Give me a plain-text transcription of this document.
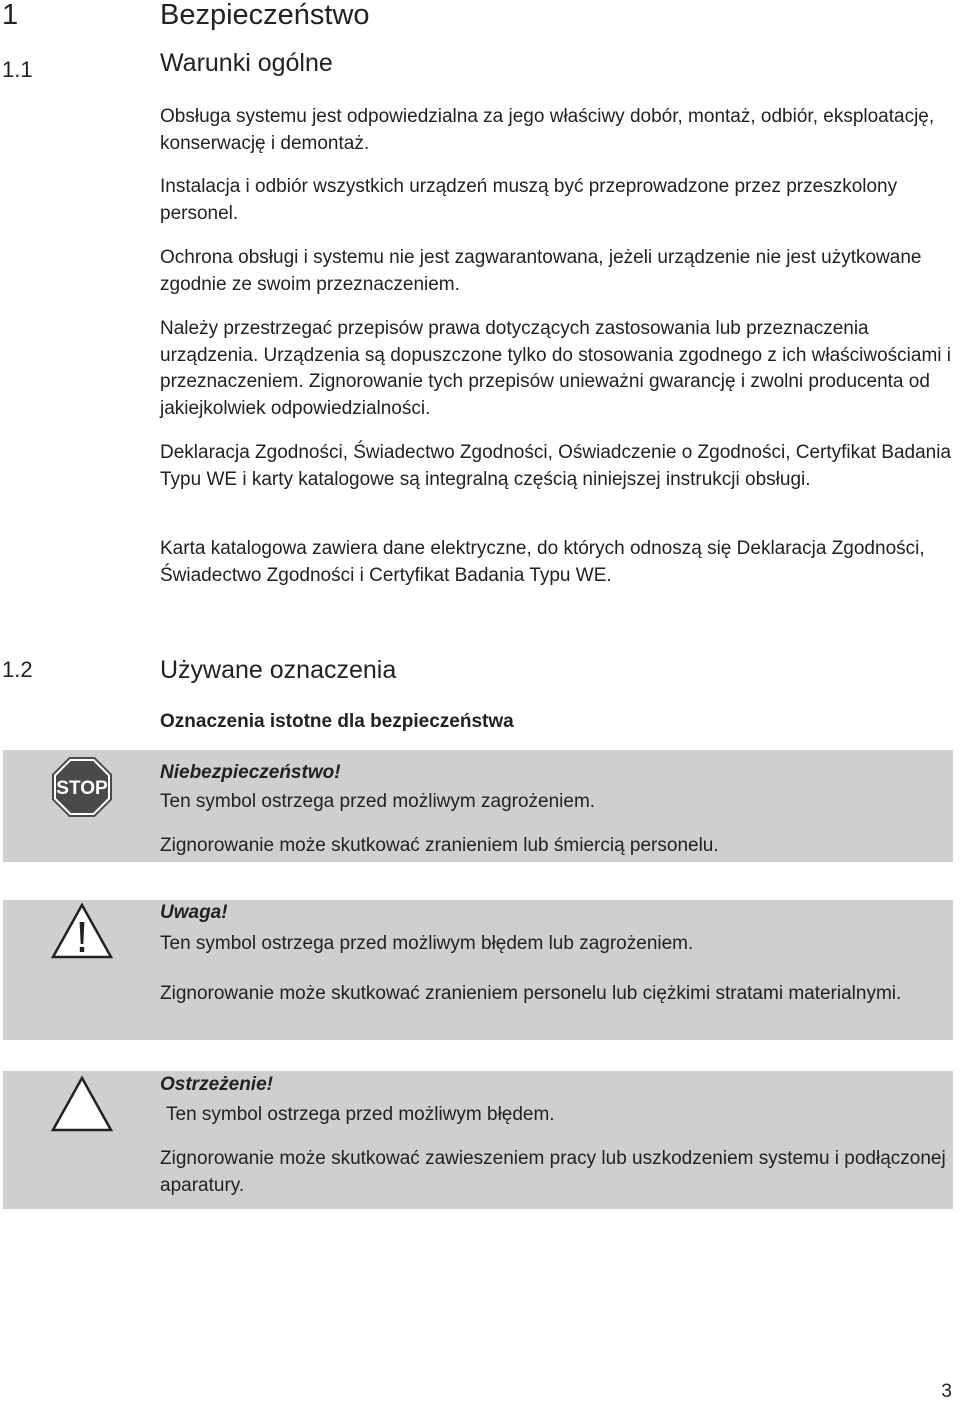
1	Bezpieczeństwo
1.1	Warunki ogólne
Obsługa systemu jest odpowiedzialna za jego właściwy dobór, montaż, odbiór, eksploatację, konserwację i demontaż.
Instalacja i odbiór wszystkich urządzeń muszą być przeprowadzone przez przeszkolony personel.
Ochrona obsługi i systemu nie jest zagwarantowana, jeżeli urządzenie nie jest użytkowane zgodnie ze swoim przeznaczeniem.
Należy przestrzegać przepisów prawa dotyczących zastosowania lub przeznaczenia urządzenia. Urządzenia są dopuszczone tylko do stosowania zgodnego z ich właściwościami i przeznaczeniem. Zignorowanie tych przepisów unieważni gwarancję i zwolni producenta od jakiejkolwiek odpowiedzialności.
Deklaracja Zgodności, Świadectwo Zgodności, Oświadczenie o Zgodności, Certyfikat Badania Typu WE i karty katalogowe są integralną częścią niniejszej instrukcji obsługi.
Karta katalogowa zawiera dane elektryczne, do których odnoszą się Deklaracja Zgodności, Świadectwo Zgodności i Certyfikat Badania Typu WE.
1.2	Używane oznaczenia
Oznaczenia istotne dla bezpieczeństwa
STOP
Niebezpieczeństwo!
Ten symbol ostrzega przed możliwym zagrożeniem.
Zignorowanie może skutkować zranieniem lub śmiercią personelu.
Uwaga!
Ten symbol ostrzega przed możliwym błędem lub zagrożeniem.
Zignorowanie może skutkować zranieniem personelu lub ciężkimi stratami materialnymi.
Ostrzeżenie!
Ten symbol ostrzega przed możliwym błędem.
Zignorowanie może skutkować zawieszeniem pracy lub uszkodzeniem systemu i podłączonej aparatury.
3
